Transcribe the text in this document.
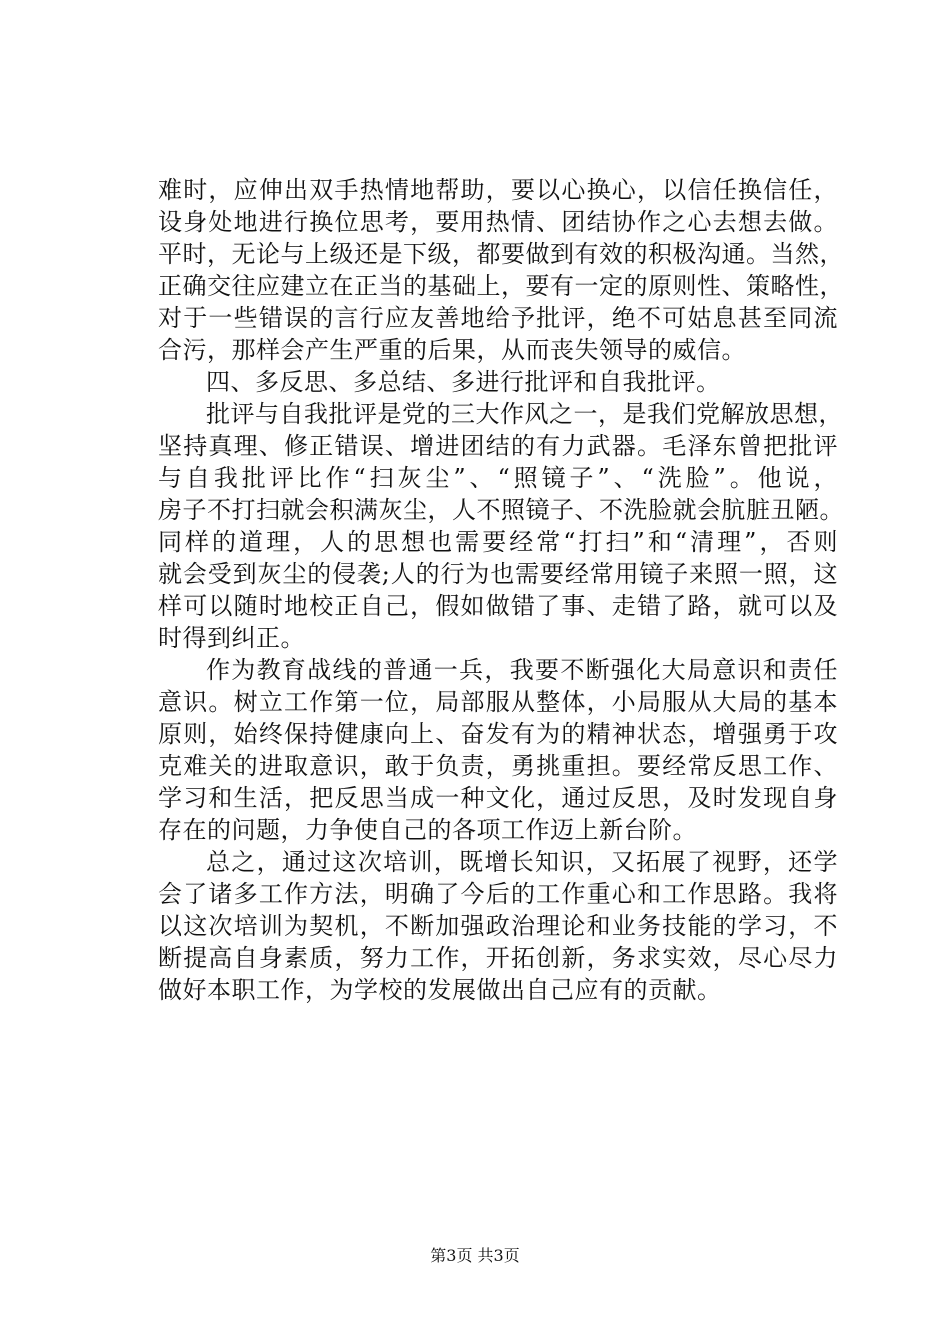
难时，应伸出双手热情地帮助，要以心换心，以信任换信任，
设身处地进行换位思考，要用热情、团结协作之心去想去做。
平时，无论与上级还是下级，都要做到有效的积极沟通。当然，
正确交往应建立在正当的基础上，要有一定的原则性、策略性，
对于一些错误的言行应友善地给予批评，绝不可姑息甚至同流
合污，那样会产生严重的后果，从而丧失领导的威信。
四、多反思、多总结、多进行批评和自我批评。
批评与自我批评是党的三大作风之一，是我们党解放思想，
坚持真理、修正错误、增进团结的有力武器。毛泽东曾把批评
与自我批评比作“扫灰尘”、“照镜子”、“洗脸”。他说，
房子不打扫就会积满灰尘，人不照镜子、不洗脸就会肮脏丑陋。
同样的道理，人的思想也需要经常“打扫”和“清理”，否则
就会受到灰尘的侵袭;人的行为也需要经常用镜子来照一照，这
样可以随时地校正自己，假如做错了事、走错了路，就可以及
时得到纠正。
作为教育战线的普通一兵，我要不断强化大局意识和责任
意识。树立工作第一位，局部服从整体，小局服从大局的基本
原则，始终保持健康向上、奋发有为的精神状态，增强勇于攻
克难关的进取意识，敢于负责，勇挑重担。要经常反思工作、
学习和生活，把反思当成一种文化，通过反思，及时发现自身
存在的问题，力争使自己的各项工作迈上新台阶。
总之，通过这次培训，既增长知识，又拓展了视野，还学
会了诸多工作方法，明确了今后的工作重心和工作思路。我将
以这次培训为契机，不断加强政治理论和业务技能的学习，不
断提高自身素质，努力工作，开拓创新，务求实效，尽心尽力
做好本职工作，为学校的发展做出自己应有的贡献。
第3页 共3页
